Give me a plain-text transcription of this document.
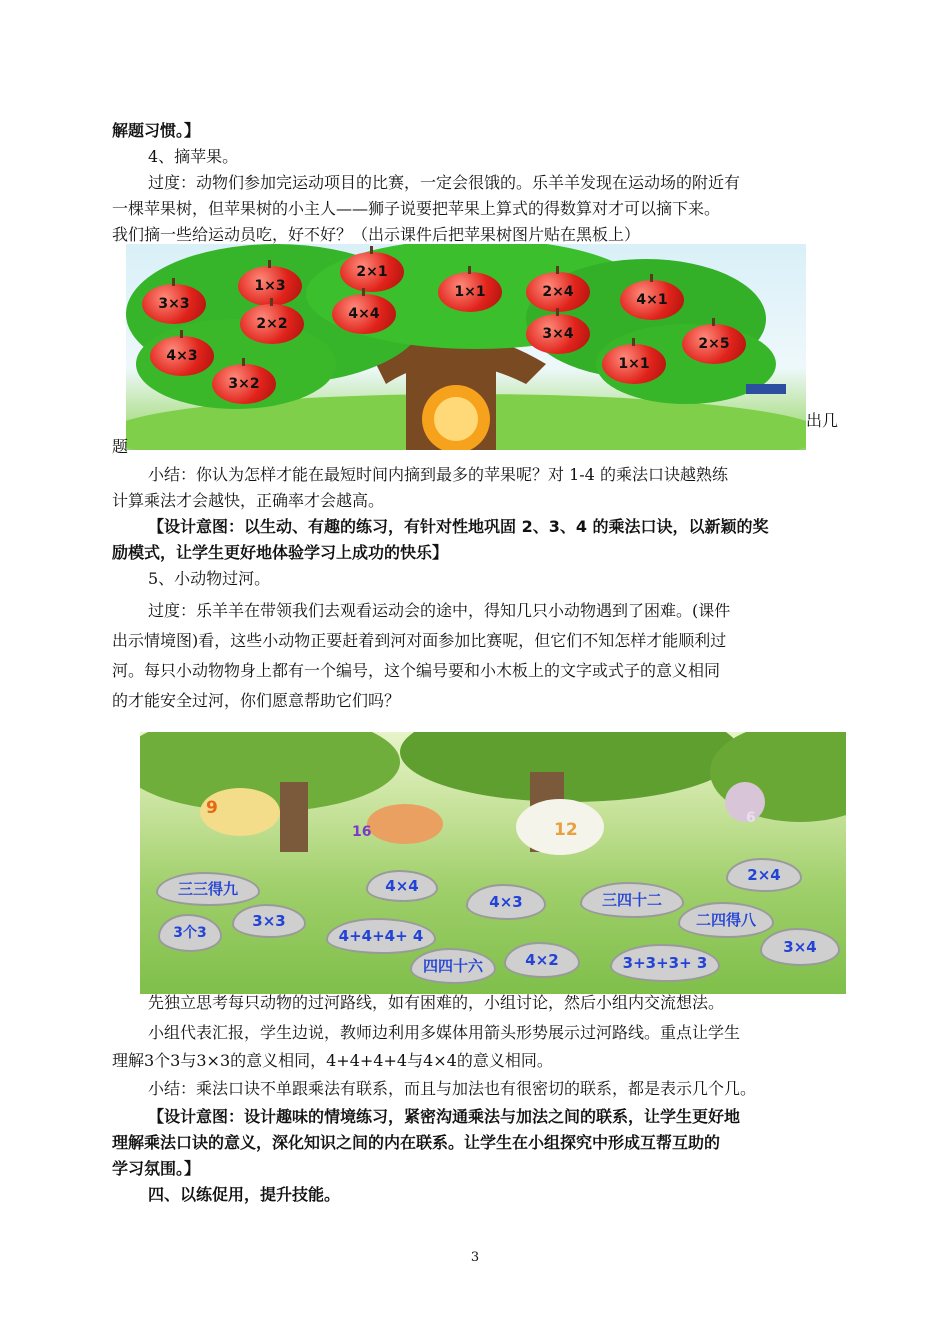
解题习惯。】
4、摘苹果。
过度：动物们参加完运动项目的比赛，一定会很饿的。乐羊羊发现在运动场的附近有
一棵苹果树，但苹果树的小主人——狮子说要把苹果上算式的得数算对才可以摘下来。
我们摘一些给运动员吃，好不好？（出示课件后把苹果树图片贴在黑板上）
1×3
2×1
3×3
1×1	2×4	4×1
2×2
4×4
3×4
2×5
4×3	1×1
3×2
出几
题
小结：你认为怎样才能在最短时间内摘到最多的苹果呢？对 1-4 的乘法口诀越熟练
计算乘法才会越快，正确率才会越高。
【设计意图：以生动、有趣的练习，有针对性地巩固 2、3、4 的乘法口诀，以新颖的奖
励模式，让学生更好地体验学习上成功的快乐】
5、小动物过河。
过度：乐羊羊在带领我们去观看运动会的途中，得知几只小动物遇到了困难。(课件
出示情境图)看，这些小动物正要赶着到河对面参加比赛呢，但它们不知怎样才能顺利过
河。每只小动物物身上都有一个编号，这个编号要和小木板上的文字或式子的意义相同
的才能安全过河，你们愿意帮助它们吗？
9
16	12
6
三三得九	4×4
4×3	三四十二
2×4
3个3
3×3
4+4+4+ 4
二四得八
四四十六	4×2	3+3+3+ 3
3×4
先独立思考每只动物的过河路线，如有困难的，小组讨论，然后小组内交流想法。
小组代表汇报，学生边说，教师边利用多媒体用箭头形势展示过河路线。重点让学生
理解3个3与3×3的意义相同，4+4+4+4与4×4的意义相同。
小结：乘法口诀不单跟乘法有联系，而且与加法也有很密切的联系，都是表示几个几。
【设计意图：设计趣味的情境练习，紧密沟通乘法与加法之间的联系，让学生更好地
理解乘法口诀的意义，深化知识之间的内在联系。让学生在小组探究中形成互帮互助的
学习氛围。】
四、以练促用，提升技能。
3
